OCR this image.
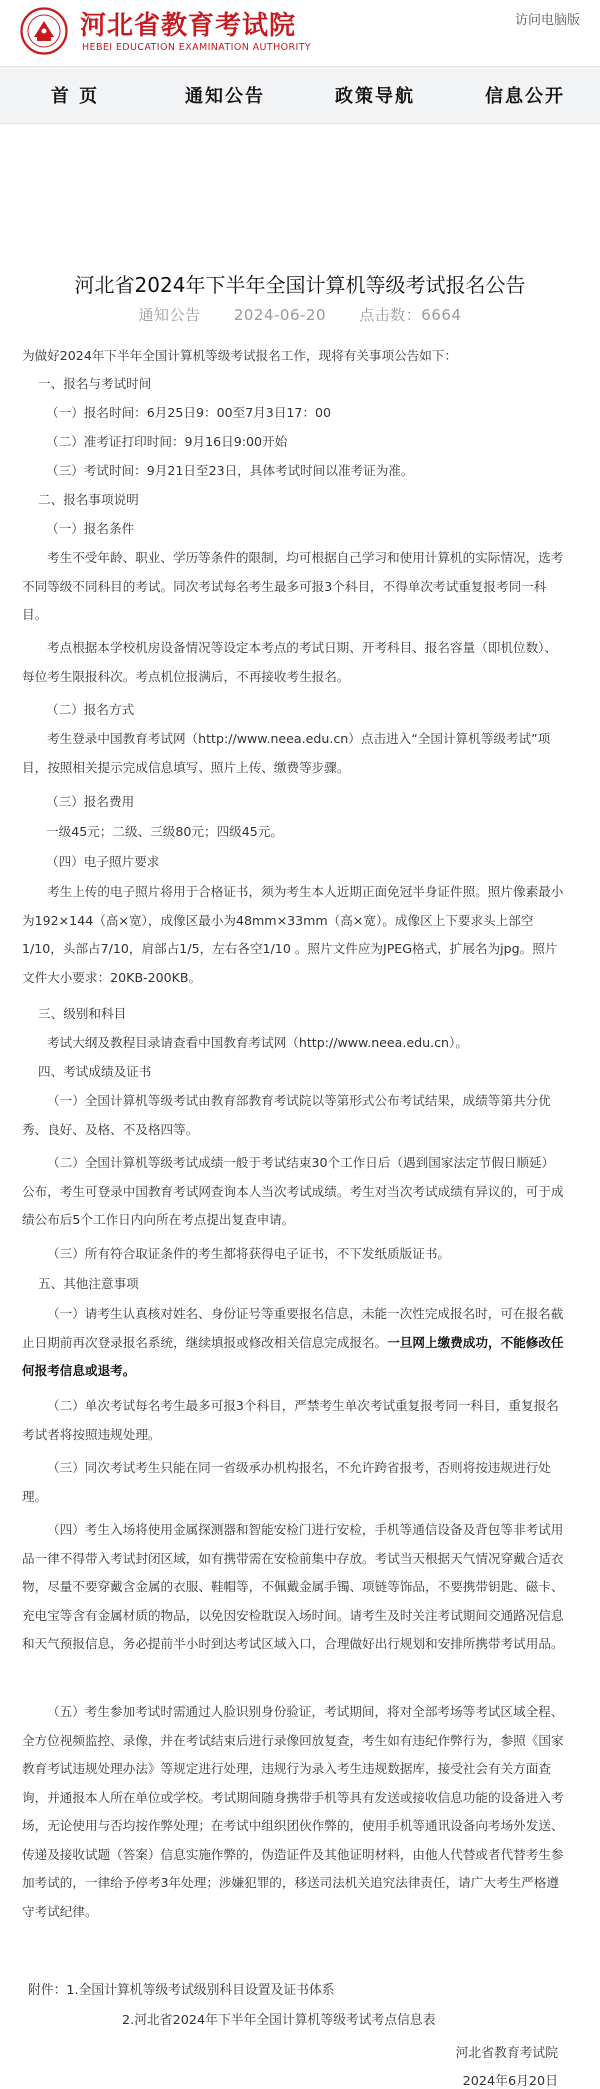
河北省教育考试院
HEBEI EDUCATION EXAMINATION AUTHORITY
访问电脑版
首 页	通知公告	政策导航	信息公开
河北省2024年下半年全国计算机等级考试报名公告
通知公告 2024-06-20 点击数：6664
为做好2024年下半年全国计算机等级考试报名工作，现将有关事项公告如下：
一、报名与考试时间
（一）报名时间：6月25日9：00至7月3日17：00
（二）准考证打印时间：9月16日9:00开始
（三）考试时间：9月21日至23日，具体考试时间以准考证为准。
二、报名事项说明
（一）报名条件
考生不受年龄、职业、学历等条件的限制，均可根据自己学习和使用计算机的实际情况，选考不同等级不同科目的考试。同次考试每名考生最多可报3个科目，不得单次考试重复报考同一科目。
考点根据本学校机房设备情况等设定本考点的考试日期、开考科目、报名容量（即机位数）、每位考生限报科次。考点机位报满后，不再接收考生报名。
（二）报名方式
考生登录中国教育考试网（http://www.neea.edu.cn）点击进入“全国计算机等级考试”项目，按照相关提示完成信息填写、照片上传、缴费等步骤。
（三）报名费用
一级45元；二级、三级80元；四级45元。
（四）电子照片要求
考生上传的电子照片将用于合格证书，须为考生本人近期正面免冠半身证件照。照片像素最小为192×144（高×宽），成像区最小为48mm×33mm（高×宽）。成像区上下要求头上部空1/10，头部占7/10，肩部占1/5，左右各空1/10 。照片文件应为JPEG格式，扩展名为jpg。照片文件大小要求：20KB-200KB。
三、级别和科目
考试大纲及教程目录请查看中国教育考试网（http://www.neea.edu.cn）。
四、考试成绩及证书
（一）全国计算机等级考试由教育部教育考试院以等第形式公布考试结果，成绩等第共分优秀、良好、及格、不及格四等。
（二）全国计算机等级考试成绩一般于考试结束30个工作日后（遇到国家法定节假日顺延）公布，考生可登录中国教育考试网查询本人当次考试成绩。考生对当次考试成绩有异议的，可于成绩公布后5个工作日内向所在考点提出复查申请。
（三）所有符合取证条件的考生都将获得电子证书，不下发纸质版证书。
五、其他注意事项
（一）请考生认真核对姓名、身份证号等重要报名信息，未能一次性完成报名时，可在报名截止日期前再次登录报名系统，继续填报或修改相关信息完成报名。一旦网上缴费成功，不能修改任何报考信息或退考。
（二）单次考试每名考生最多可报3个科目，严禁考生单次考试重复报考同一科目，重复报名考试者将按照违规处理。
（三）同次考试考生只能在同一省级承办机构报名，不允许跨省报考，否则将按违规进行处理。
（四）考生入场将使用金属探测器和智能安检门进行安检，手机等通信设备及背包等非考试用品一律不得带入考试封闭区域，如有携带需在安检前集中存放。考试当天根据天气情况穿戴合适衣物，尽量不要穿戴含金属的衣服、鞋帽等，不佩戴金属手镯、项链等饰品，不要携带钥匙、磁卡、充电宝等含有金属材质的物品，以免因安检耽误入场时间。请考生及时关注考试期间交通路况信息和天气预报信息，务必提前半小时到达考试区域入口，合理做好出行规划和安排所携带考试用品。
（五）考生参加考试时需通过人脸识别身份验证，考试期间，将对全部考场等考试区域全程、全方位视频监控、录像，并在考试结束后进行录像回放复查，考生如有违纪作弊行为，参照《国家教育考试违规处理办法》等规定进行处理，违规行为录入考生违规数据库，接受社会有关方面查询，并通报本人所在单位或学校。考试期间随身携带手机等具有发送或接收信息功能的设备进入考场，无论使用与否均按作弊处理；在考试中组织团伙作弊的，使用手机等通讯设备向考场外发送、传递及接收试题（答案）信息实施作弊的，伪造证件及其他证明材料，由他人代替或者代替考生参加考试的，一律给予停考3年处理；涉嫌犯罪的，移送司法机关追究法律责任，请广大考生严格遵守考试纪律。
附件：1.全国计算机等级考试级别科目设置及证书体系
2.河北省2024年下半年全国计算机等级考试考点信息表
河北省教育考试院
2024年6月20日
